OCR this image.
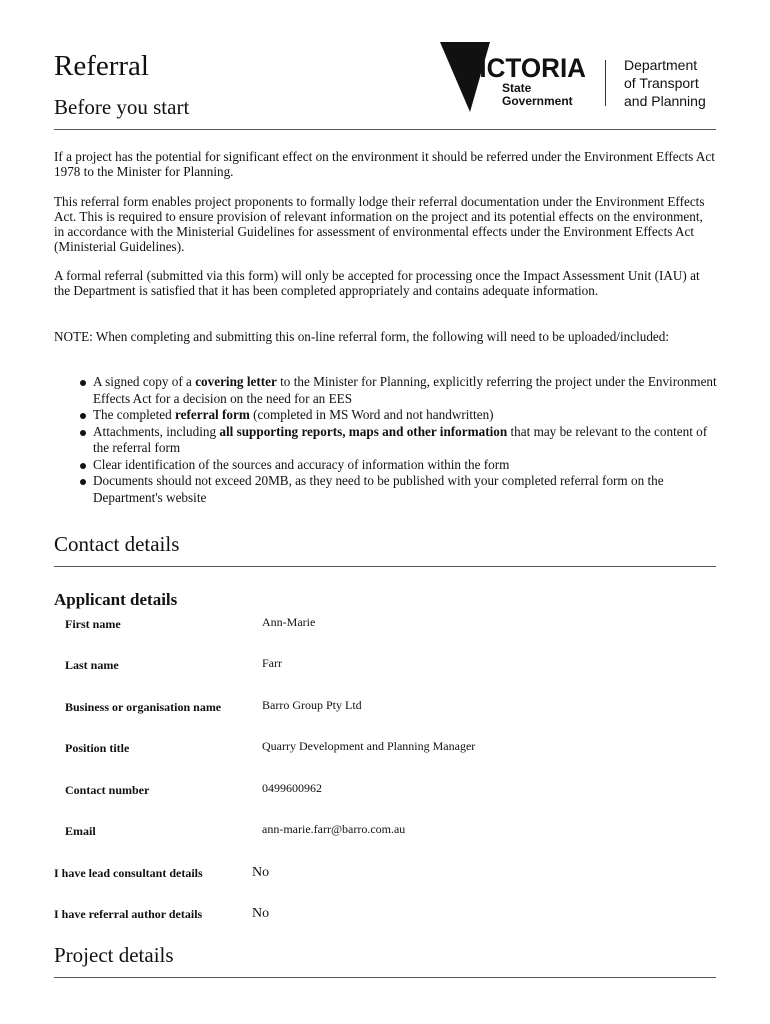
Referral
Before you start
VICTORIA
State
Government
Department
of Transport
and Planning

If a project has the potential for significant effect on the environment it should be referred under the Environment Effects Act 1978 to the Minister for Planning.

This referral form enables project proponents to formally lodge their referral documentation under the Environment Effects Act. This is required to ensure provision of relevant information on the project and its potential effects on the environment, in accordance with the Ministerial Guidelines for assessment of environmental effects under the Environment Effects Act (Ministerial Guidelines).

A formal referral (submitted via this form) will only be accepted for processing once the Impact Assessment Unit (IAU) at the Department is satisfied that it has been completed appropriately and contains adequate information.

NOTE: When completing and submitting this on-line referral form, the following will need to be uploaded/included:

A signed copy of a covering letter to the Minister for Planning, explicitly referring the project under the Environment Effects Act for a decision on the need for an EES
The completed referral form (completed in MS Word and not handwritten)
Attachments, including all supporting reports, maps and other information that may be relevant to the content of the referral form
Clear identification of the sources and accuracy of information within the form
Documents should not exceed 20MB, as they need to be published with your completed referral form on the Department's website
Contact details
Applicant details
First name	Ann-Marie
Last name	Farr
Business or organisation name	Barro Group Pty Ltd
Position title	Quarry Development and Planning Manager
Contact number	0499600962
Email	ann-marie.farr@barro.com.au
I have lead consultant details	No
I have referral author details	No
Project details
